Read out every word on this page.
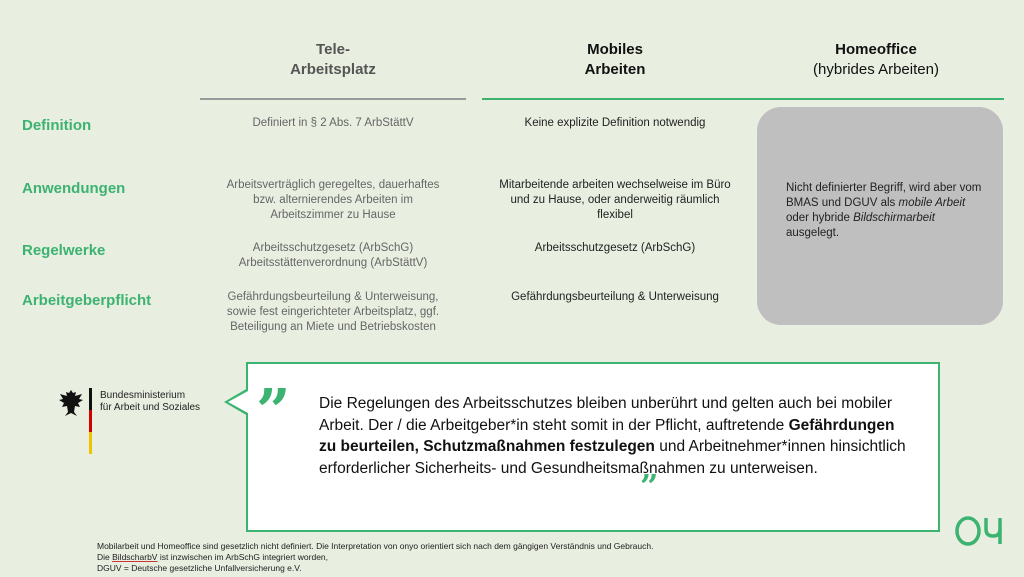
Tele-
Arbeitsplatz
Mobiles
Arbeiten
Homeoffice
(hybrides Arbeiten)
Definition
Anwendungen
Regelwerke
Arbeitgeberpflicht
Definiert in § 2 Abs. 7 ArbStättV
Arbeitsverträglich geregeltes, dauerhaftes
bzw. alternierendes Arbeiten im
Arbeitszimmer zu Hause
Arbeitsschutzgesetz (ArbSchG)
Arbeitsstättenverordnung (ArbStättV)
Gefährdungsbeurteilung & Unterweisung,
sowie fest eingerichteter Arbeitsplatz, ggf.
Beteiligung an Miete und Betriebskosten
Keine explizite Definition notwendig
Mitarbeitende arbeiten wechselweise im Büro
und zu Hause, oder anderweitig räumlich
flexibel
Arbeitsschutzgesetz (ArbSchG)
Gefährdungsbeurteilung & Unterweisung
Nicht definierter Begriff, wird aber vom BMAS und DGUV als mobile Arbeit oder hybride Bildschirmarbeit ausgelegt.
Bundesministerium
für Arbeit und Soziales ” Die Regelungen des Arbeitsschutzes bleiben unberührt und gelten auch bei mobiler Arbeit. Der / die Arbeitgeber*in steht somit in der Pflicht, auftretende Gefährdungen zu beurteilen, Schutzmaßnahmen festzulegen und Arbeitnehmer*innen hinsichtlich erforderlicher Sicherheits- und Gesundheitsmaßnahmen zu unterweisen.
”
Mobilarbeit und Homeoffice sind gesetzlich nicht definiert. Die Interpretation von onyo orientiert sich nach dem gängigen Verständnis und Gebrauch.
Die BildscharbV ist inzwischen im ArbSchG integriert worden,
DGUV = Deutsche gesetzliche Unfallversicherung e.V.
